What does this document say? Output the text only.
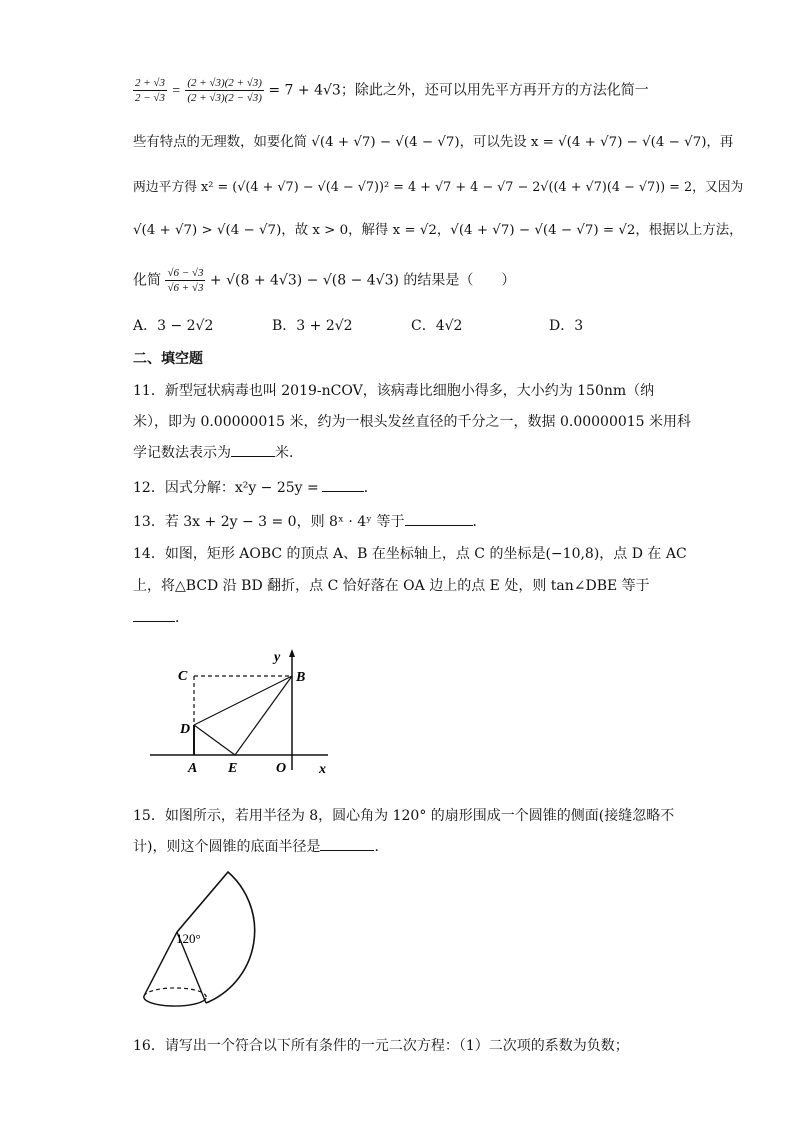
$\frac{2 + √3}{2 - √3} = \frac{(2 + √3)(2 + √3)}{(2 + √3)(2 - √3)} = 7 + 4√3$；除此之外，还可以用先平方再开方的方法化简一
些有特点的无理数，如要化简 √(4 + √7) − √(4 − √7)，可以先设 x = √(4 + √7) − √(4 − √7)，再
两边平方得 x² = (√(4 + √7) − √(4 − √7))² = 4 + √7 + 4 − √7 − 2√((4 + √7)(4 − √7)) = 2，又因为
√(4 + √7) > √(4 − √7)，故 x > 0，解得 x = √2，√(4 + √7) − √(4 − √7) = √2，根据以上方法，
化简 $\frac{√6 - √3}{√6 + √3} + √(8 + 4√3) - √(8 - 4√3)$ 的结果是（　　）
A．3 − 2√2	B．3 + 2√2	C．4√2	D．3
二、填空题
11．新型冠状病毒也叫 2019-nCOV，该病毒比细胞小得多，大小约为 150nm（纳
米），即为 0.00000015 米，约为一根头发丝直径的千分之一，数据 0.00000015 米用科
学记数法表示为	米．
12．因式分解：x²y − 25y =	．
13．若 3x + 2y − 3 = 0，则 8ˣ · 4ʸ 等于	．
14．如图，矩形 AOBC 的顶点 A、B 在坐标轴上，点 C 的坐标是(−10,8)，点 D 在 AC
上，将△BCD 沿 BD 翻折，点 C 恰好落在 OA 边上的点 E 处，则 tan∠DBE 等于
．
C	B
D
A E	O x
y
15．如图所示，若用半径为 8，圆心角为 120° 的扇形围成一个圆锥的侧面(接缝忽略不
计)，则这个圆锥的底面半径是	．
120°
16．请写出一个符合以下所有条件的一元二次方程：（1）二次项的系数为负数；
